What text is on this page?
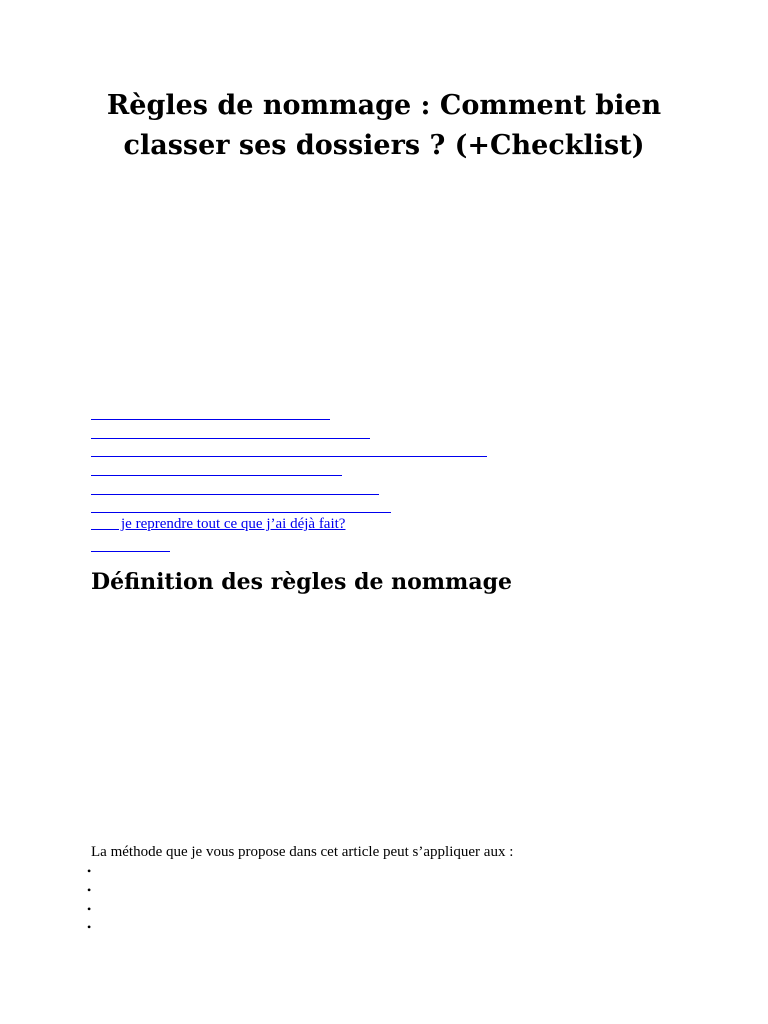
Règles de nommage : Comment bien classer ses dossiers ? (+Checklist)
je reprendre tout ce que j’ai déjà fait?
Définition des règles de nommage

La méthode que je vous propose dans cet article peut s’appliquer aux :

•
•
•
•
